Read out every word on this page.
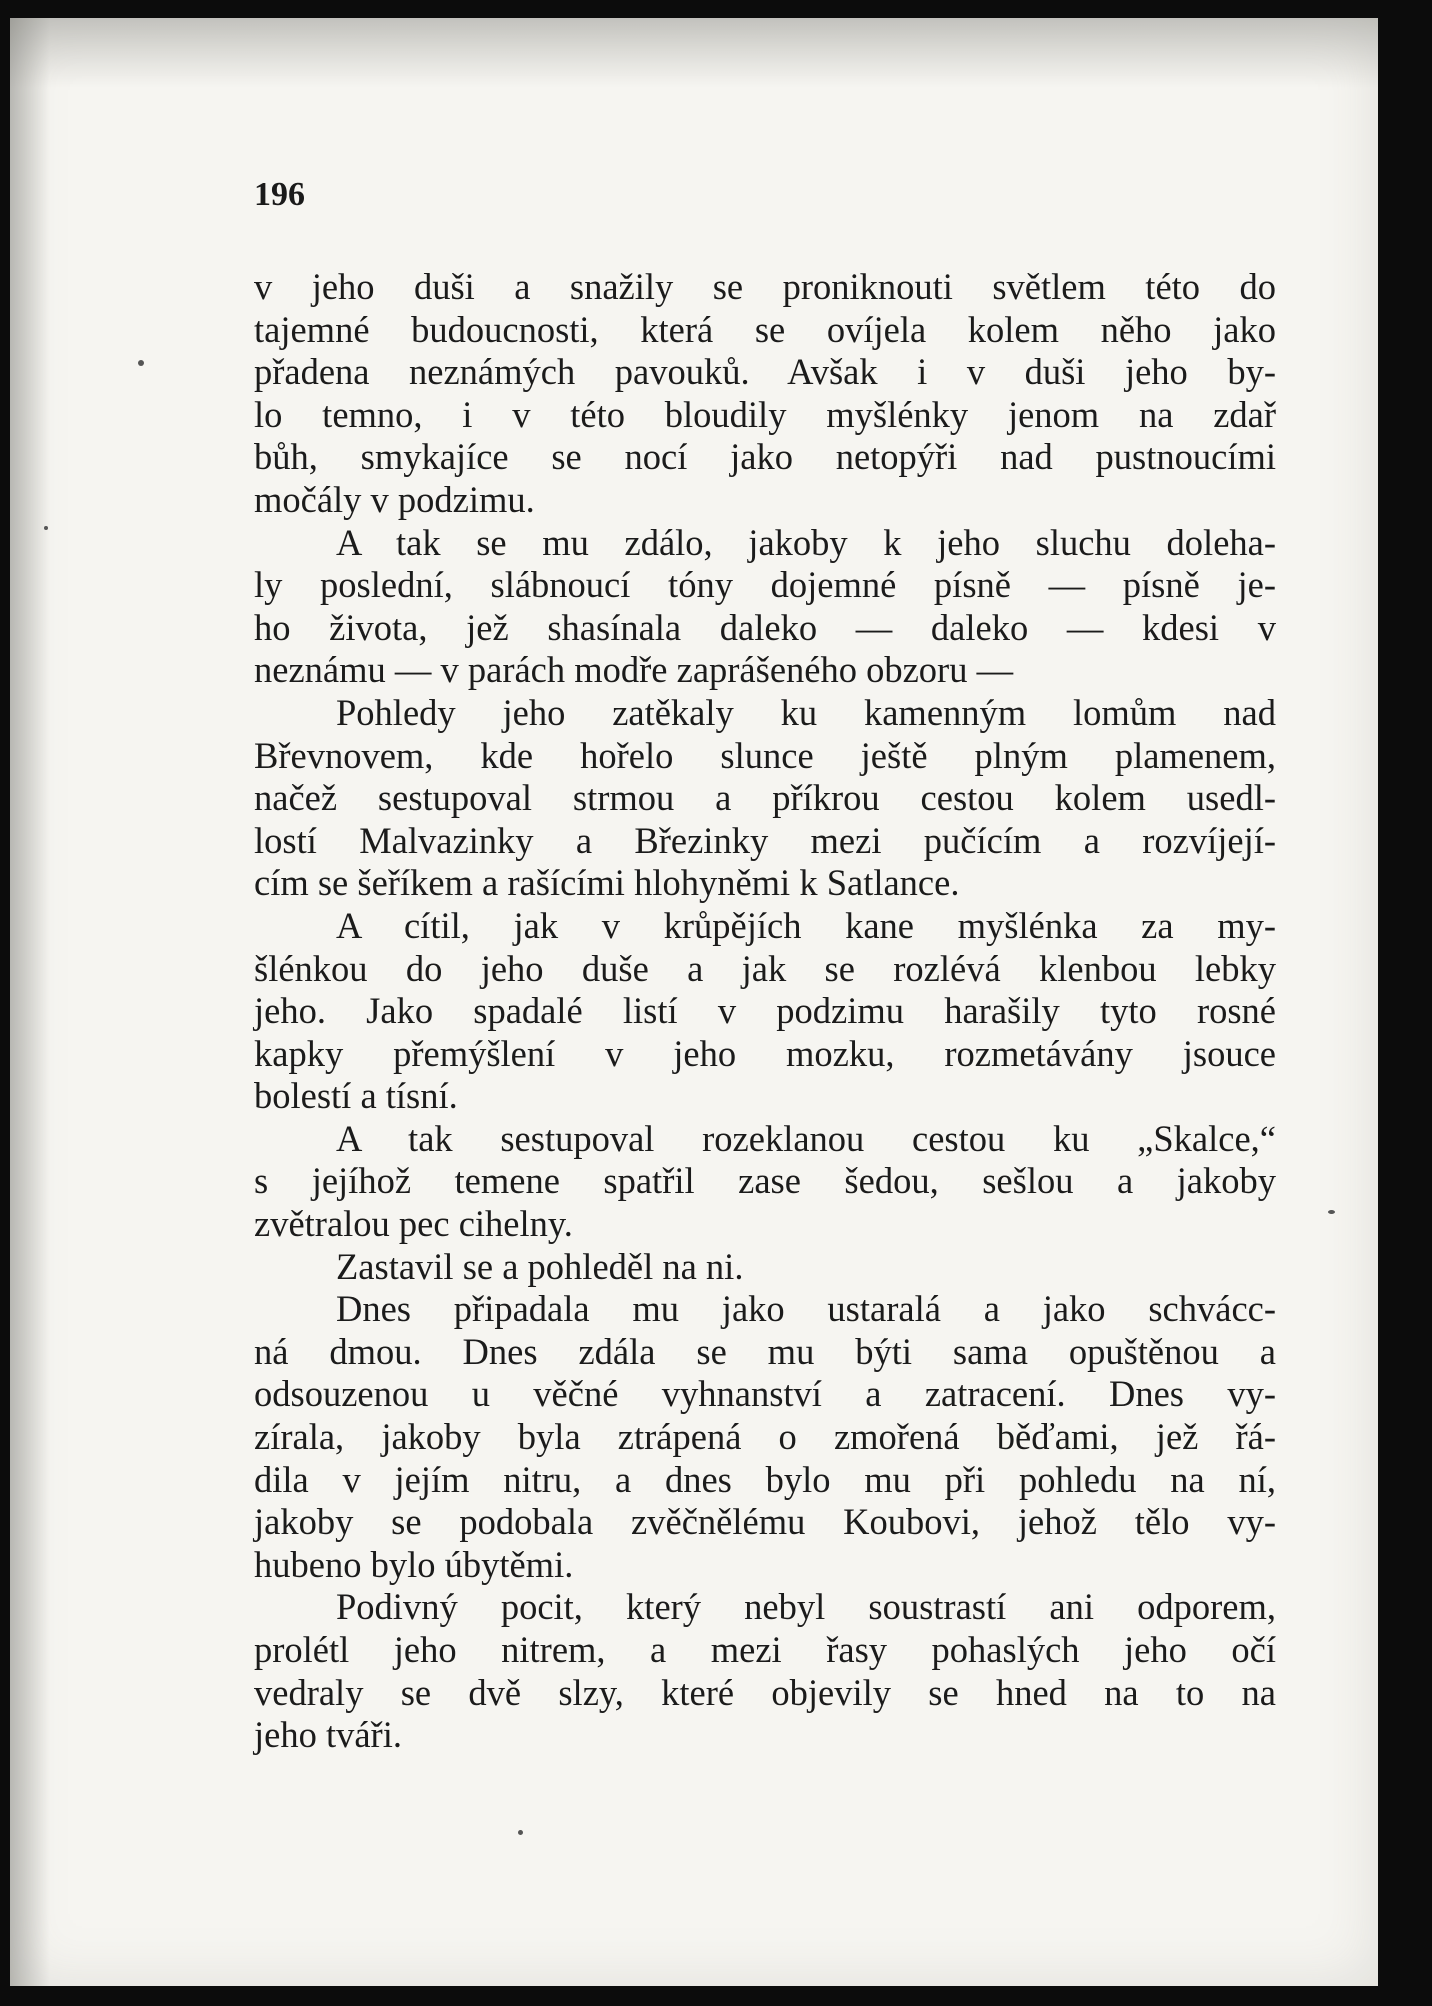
196
v jeho duši a snažily se proniknouti světlem této do
tajemné budoucnosti, která se ovíjela kolem něho jako
přadena neznámých pavouků. Avšak i v duši jeho by-
lo temno, i v této bloudily myšlénky jenom na zdař
bůh, smykajíce se nocí jako netopýři nad pustnoucími
močály v podzimu.
A tak se mu zdálo, jakoby k jeho sluchu doleha-
ly poslední, slábnoucí tóny dojemné písně — písně je-
ho života, jež shasínala daleko — daleko — kdesi v
neznámu — v parách modře zaprášeného obzoru —
Pohledy jeho zatěkaly ku kamenným lomům nad
Břevnovem, kde hořelo slunce ještě plným plamenem,
načež sestupoval strmou a příkrou cestou kolem usedl-
lostí Malvazinky a Březinky mezi pučícím a rozvíjejí-
cím se šeříkem a rašícími hlohyněmi k Satlance.
A cítil, jak v krůpějích kane myšlénka za my-
šlénkou do jeho duše a jak se rozlévá klenbou lebky
jeho. Jako spadalé listí v podzimu harašily tyto rosné
kapky přemýšlení v jeho mozku, rozmetávány jsouce
bolestí a tísní.
A tak sestupoval rozeklanou cestou ku „Skalce,“
s jejíhož temene spatřil zase šedou, sešlou a jakoby
zvětralou pec cihelny.
Zastavil se a pohleděl na ni.
Dnes připadala mu jako ustaralá a jako schvácc-
ná dmou. Dnes zdála se mu býti sama opuštěnou a
odsouzenou u věčné vyhnanství a zatracení. Dnes vy-
zírala, jakoby byla ztrápená o zmořená běďami, jež řá-
dila v jejím nitru, a dnes bylo mu při pohledu na ní,
jakoby se podobala zvěčnělému Koubovi, jehož tělo vy-
hubeno bylo úbytěmi.
Podivný pocit, který nebyl soustrastí ani odporem,
prolétl jeho nitrem, a mezi řasy pohaslých jeho očí
vedraly se dvě slzy, které objevily se hned na to na
jeho tváři.
